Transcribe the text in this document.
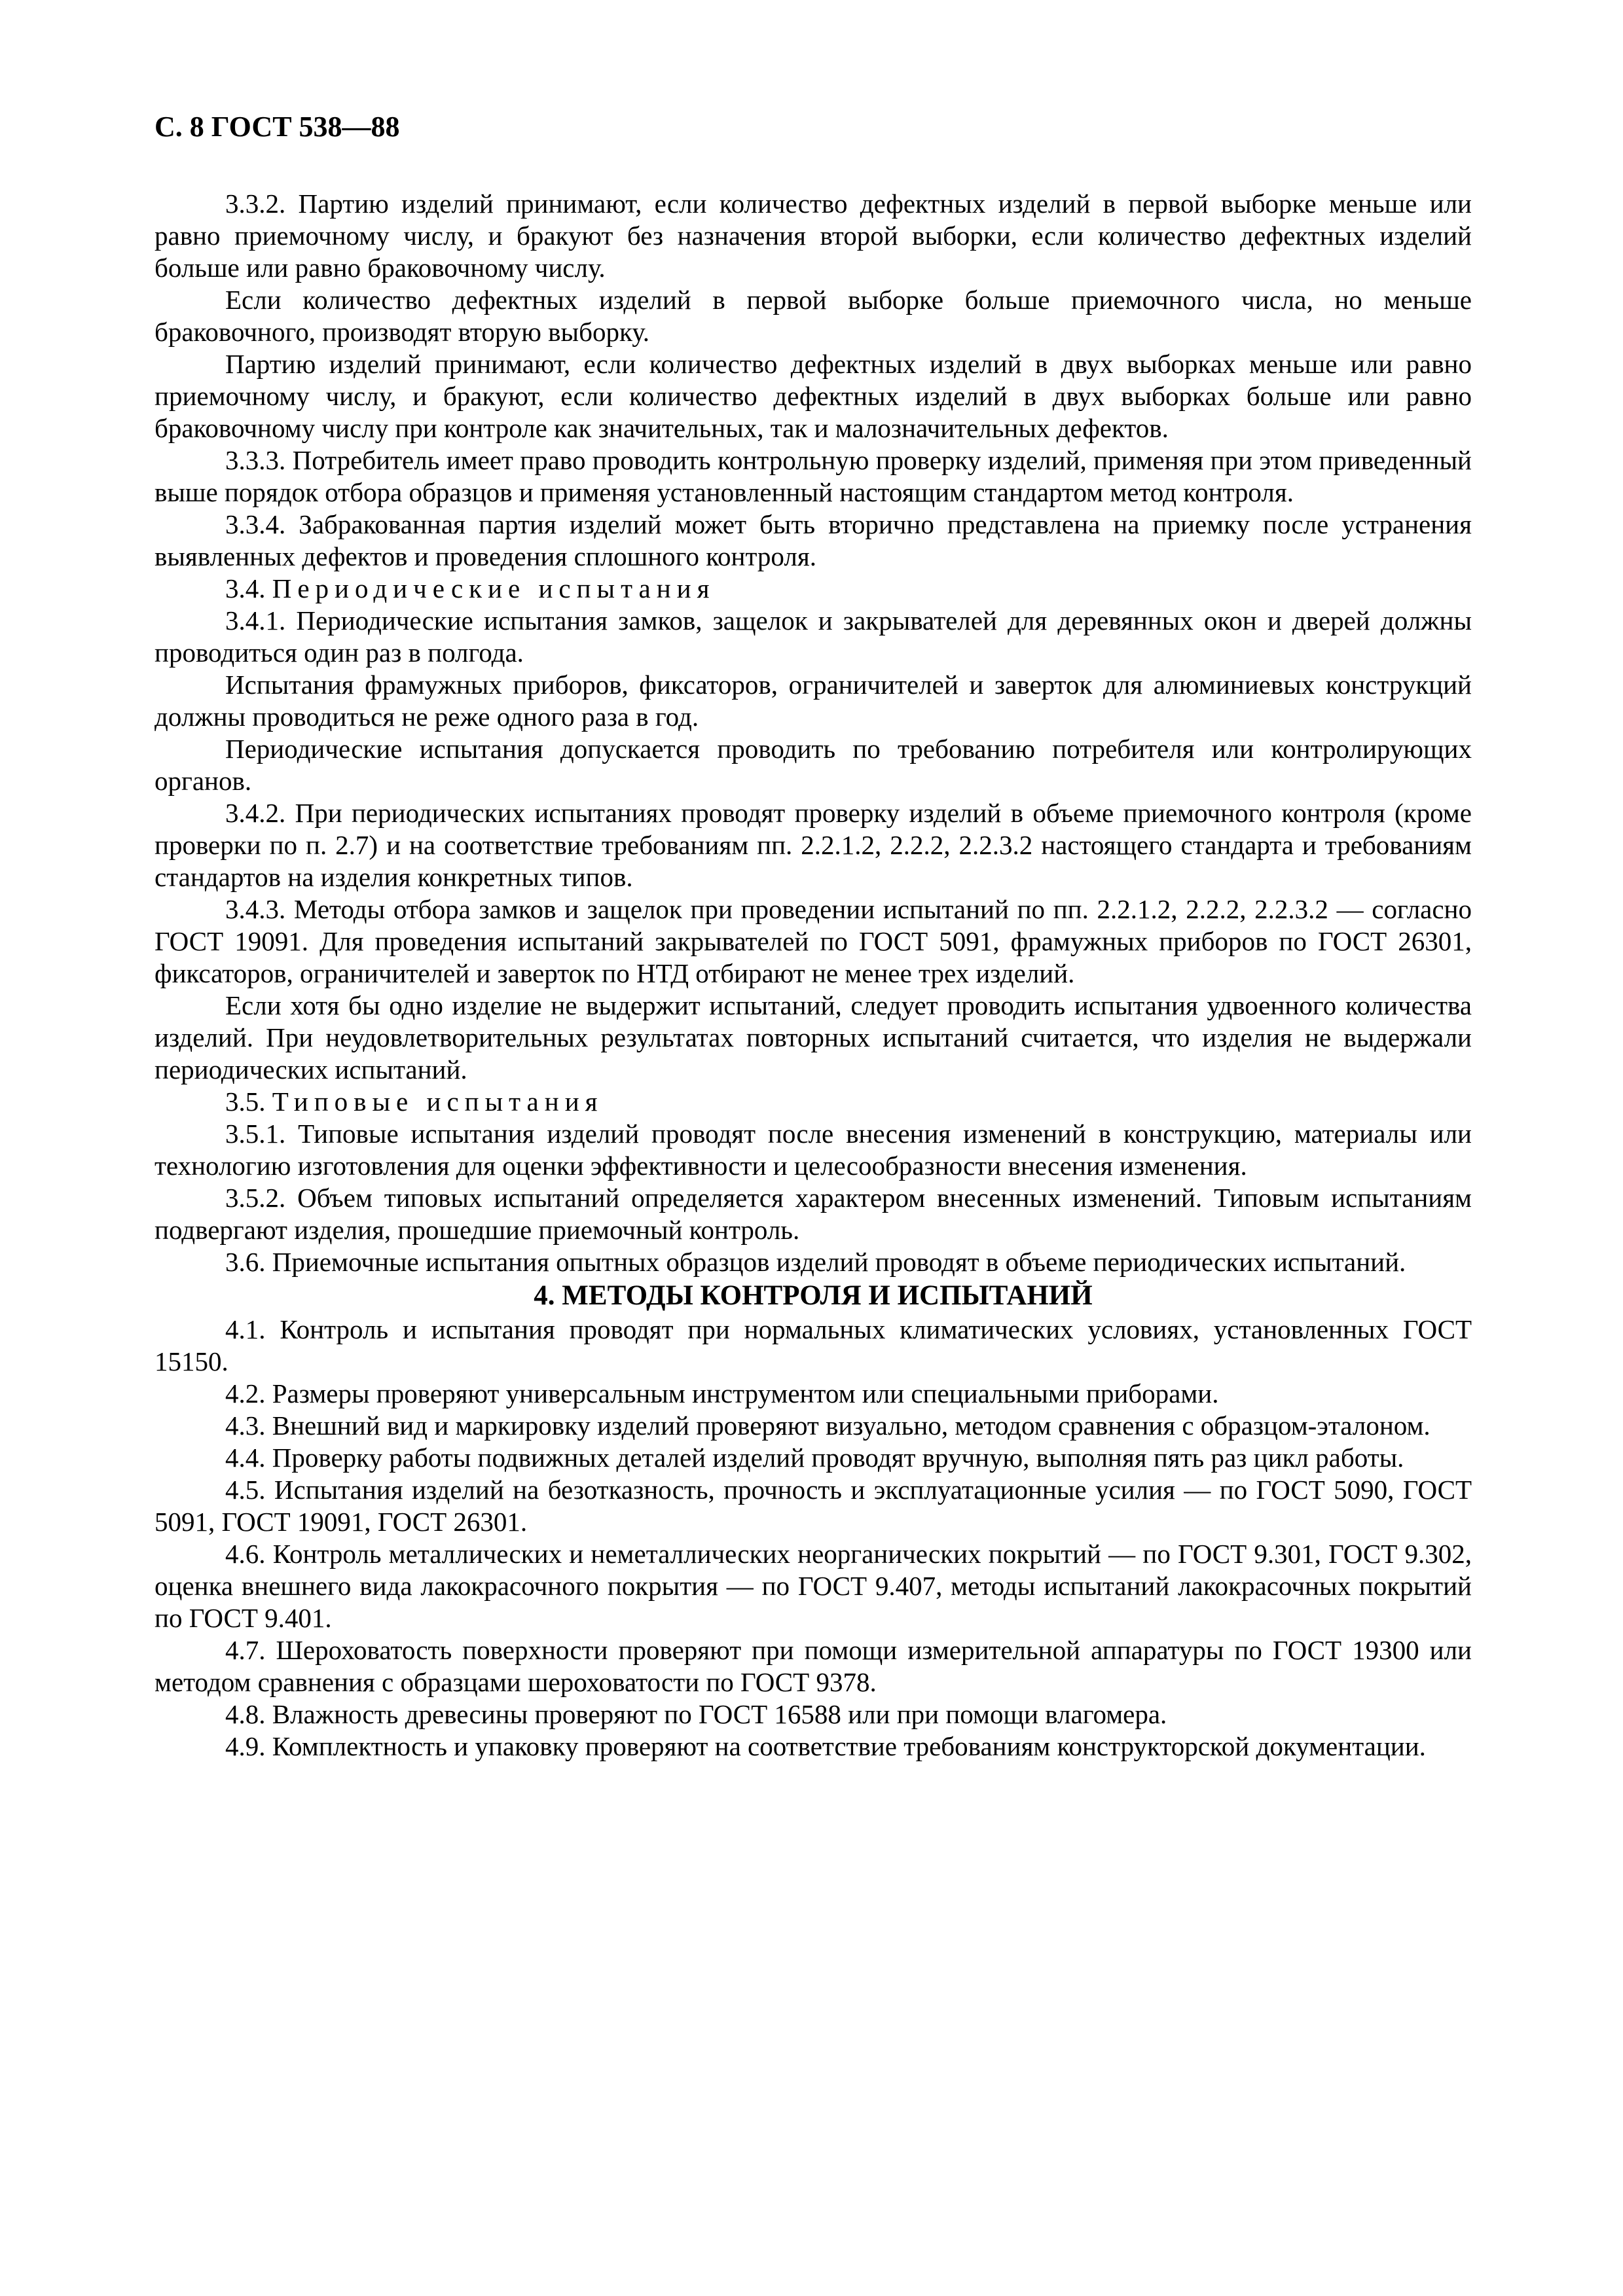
С. 8 ГОСТ 538—88

3.3.2. Партию изделий принимают, если количество дефектных изделий в первой выборке меньше или равно приемочному числу, и бракуют без назначения второй выборки, если количество дефектных изделий больше или равно браковочному числу.

Если количество дефектных изделий в первой выборке больше приемочного числа, но меньше браковочного, производят вторую выборку.

Партию изделий принимают, если количество дефектных изделий в двух выборках меньше или равно приемочному числу, и бракуют, если количество дефектных изделий в двух выборках больше или равно браковочному числу при контроле как значительных, так и малозначительных дефектов.

3.3.3. Потребитель имеет право проводить контрольную проверку изделий, применяя при этом приведенный выше порядок отбора образцов и применяя установленный настоящим стандартом метод контроля.

3.3.4. Забракованная партия изделий может быть вторично представлена на приемку после устранения выявленных дефектов и проведения сплошного контроля.

3.4. Периодические испытания

3.4.1. Периодические испытания замков, защелок и закрывателей для деревянных окон и дверей должны проводиться один раз в полгода.

Испытания фрамужных приборов, фиксаторов, ограничителей и заверток для алюминиевых конструкций должны проводиться не реже одного раза в год.

Периодические испытания допускается проводить по требованию потребителя или контролирующих органов.

3.4.2. При периодических испытаниях проводят проверку изделий в объеме приемочного контроля (кроме проверки по п. 2.7) и на соответствие требованиям пп. 2.2.1.2, 2.2.2, 2.2.3.2 настоящего стандарта и требованиям стандартов на изделия конкретных типов.

3.4.3. Методы отбора замков и защелок при проведении испытаний по пп. 2.2.1.2, 2.2.2, 2.2.3.2 — согласно ГОСТ 19091. Для проведения испытаний закрывателей по ГОСТ 5091, фрамужных приборов по ГОСТ 26301, фиксаторов, ограничителей и заверток по НТД отбирают не менее трех изделий.

Если хотя бы одно изделие не выдержит испытаний, следует проводить испытания удвоенного количества изделий. При неудовлетворительных результатах повторных испытаний считается, что изделия не выдержали периодических испытаний.

3.5. Типовые испытания

3.5.1. Типовые испытания изделий проводят после внесения изменений в конструкцию, материалы или технологию изготовления для оценки эффективности и целесообразности внесения изменения.

3.5.2. Объем типовых испытаний определяется характером внесенных изменений. Типовым испытаниям подвергают изделия, прошедшие приемочный контроль.

3.6. Приемочные испытания опытных образцов изделий проводят в объеме периодических испытаний.

4. МЕТОДЫ КОНТРОЛЯ И ИСПЫТАНИЙ

4.1. Контроль и испытания проводят при нормальных климатических условиях, установленных ГОСТ 15150.

4.2. Размеры проверяют универсальным инструментом или специальными приборами.

4.3. Внешний вид и маркировку изделий проверяют визуально, методом сравнения с образцом-эталоном.

4.4. Проверку работы подвижных деталей изделий проводят вручную, выполняя пять раз цикл работы.

4.5. Испытания изделий на безотказность, прочность и эксплуатационные усилия — по ГОСТ 5090, ГОСТ 5091, ГОСТ 19091, ГОСТ 26301.

4.6. Контроль металлических и неметаллических неорганических покрытий — по ГОСТ 9.301, ГОСТ 9.302, оценка внешнего вида лакокрасочного покрытия — по ГОСТ 9.407, методы испытаний лакокрасочных покрытий по ГОСТ 9.401.

4.7. Шероховатость поверхности проверяют при помощи измерительной аппаратуры по ГОСТ 19300 или методом сравнения с образцами шероховатости по ГОСТ 9378.

4.8. Влажность древесины проверяют по ГОСТ 16588 или при помощи влагомера.

4.9. Комплектность и упаковку проверяют на соответствие требованиям конструкторской документации.
